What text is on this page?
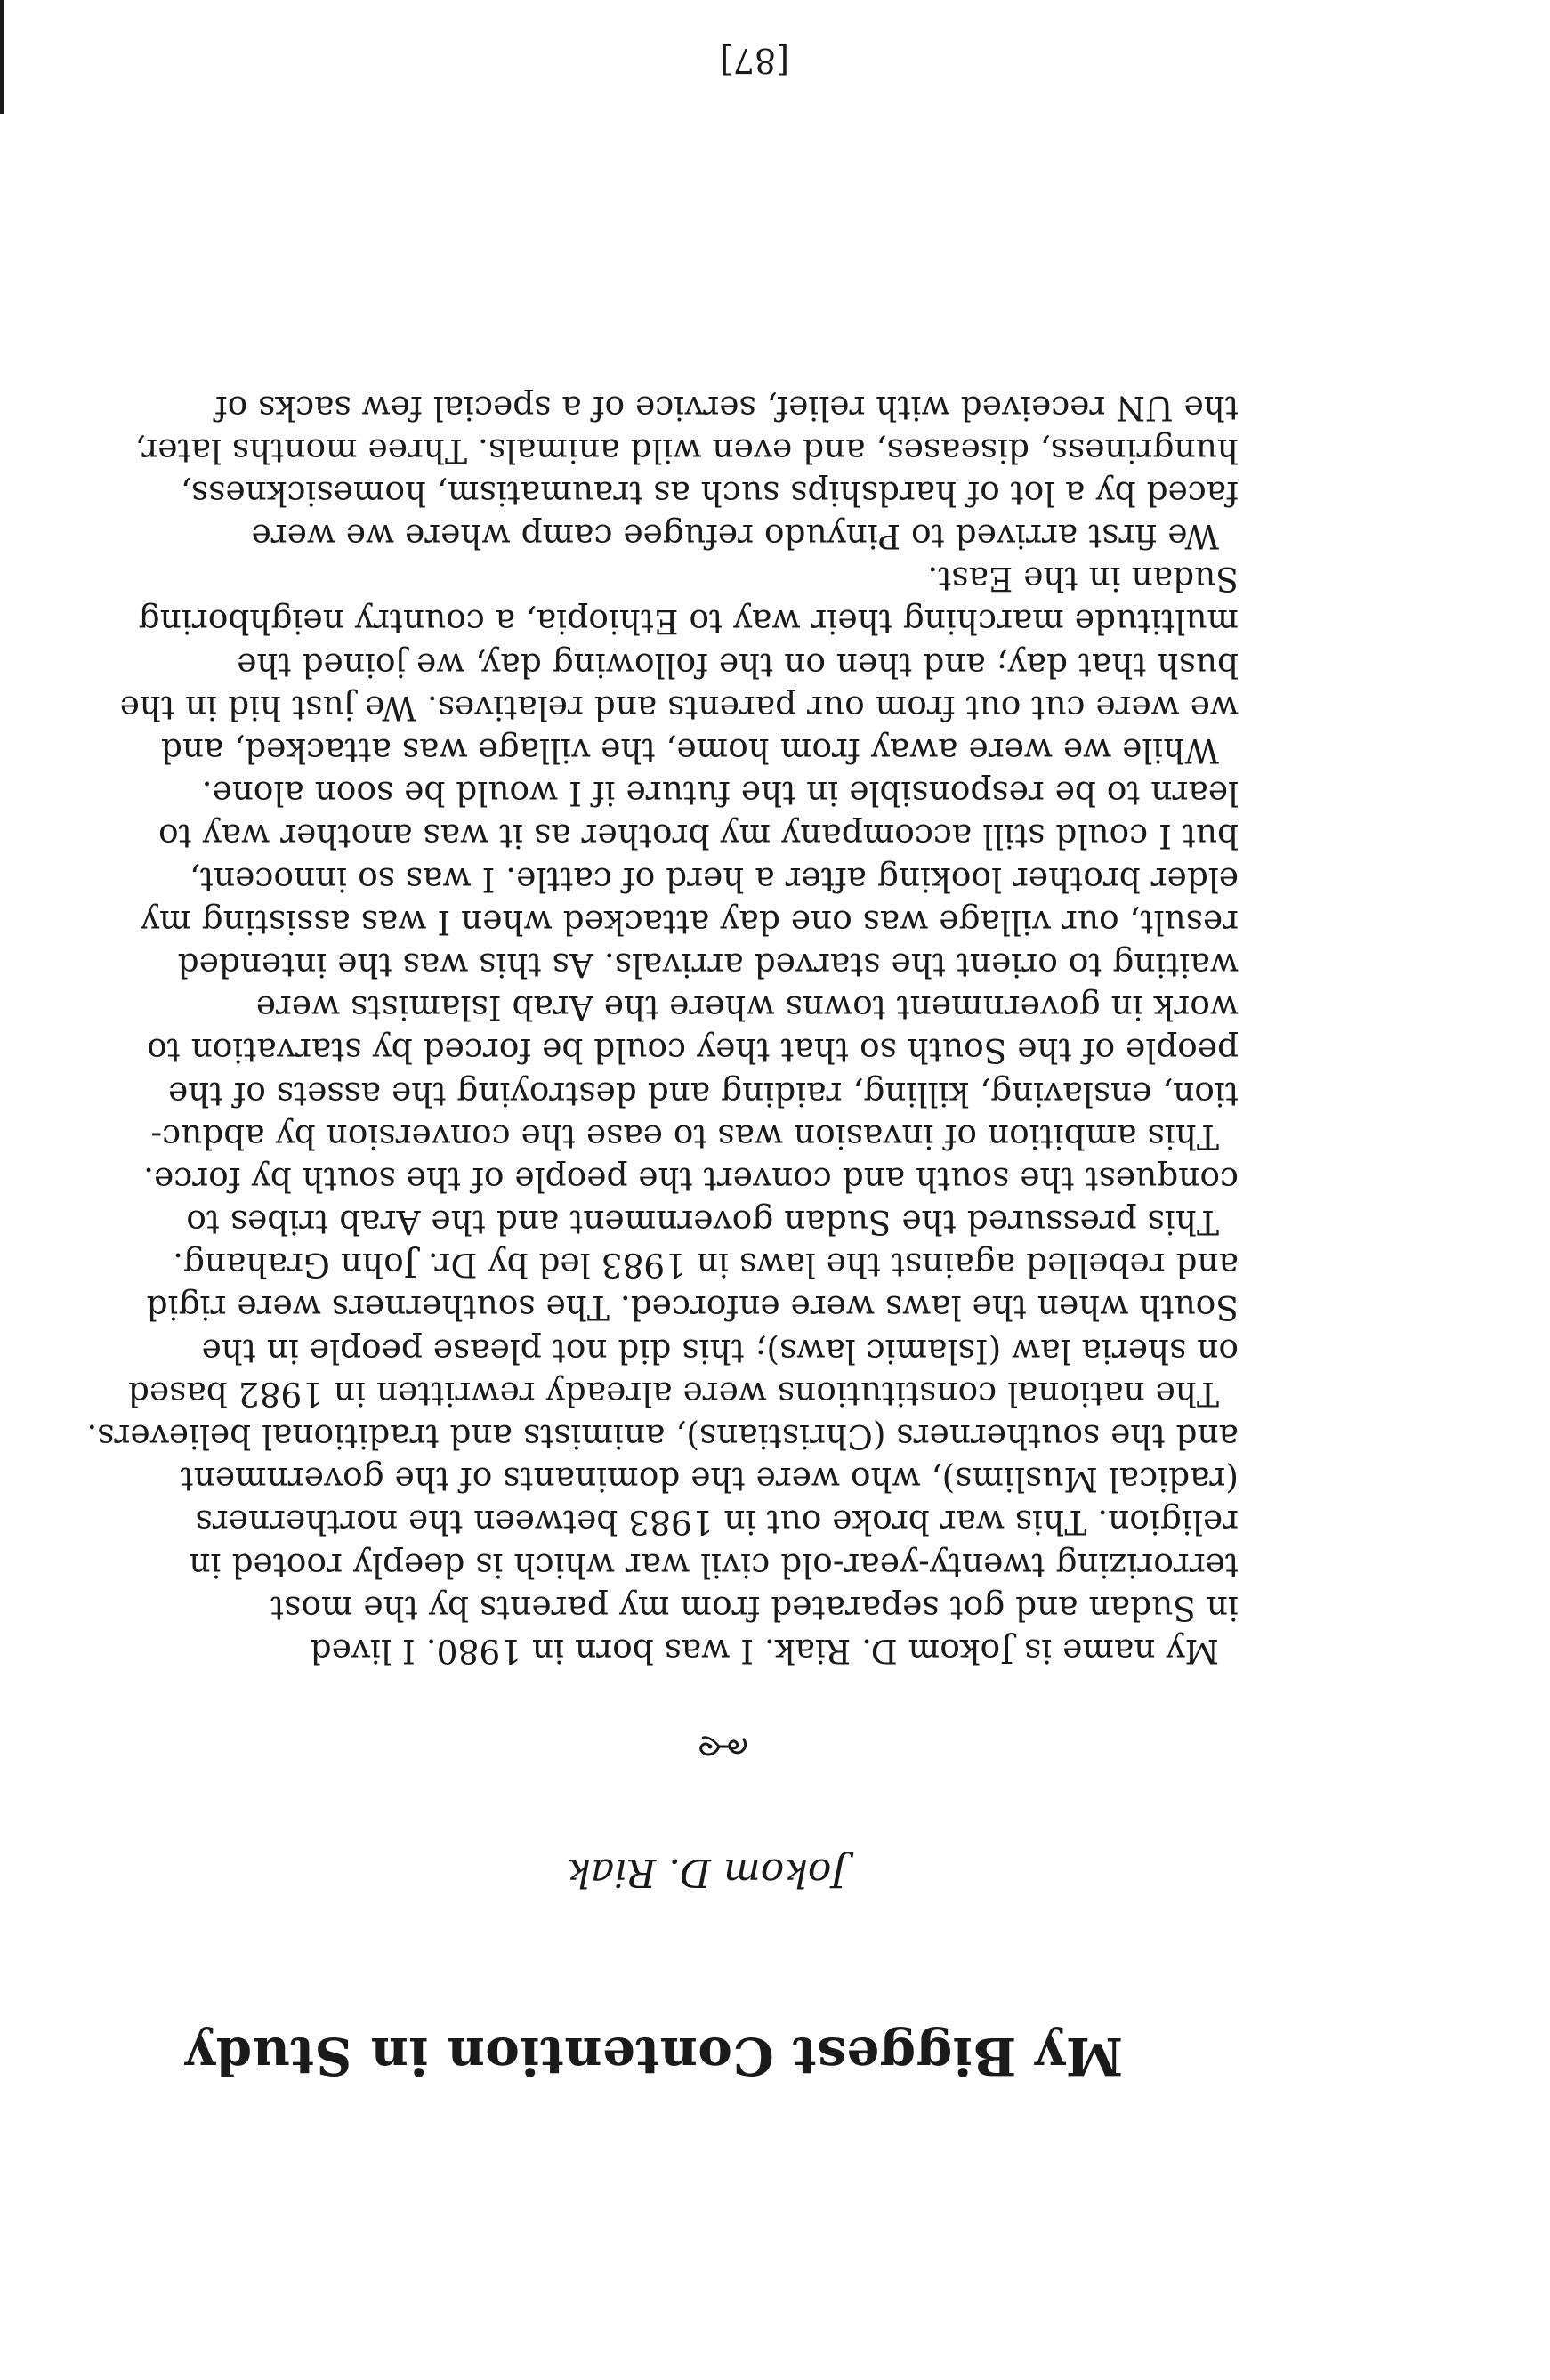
My Biggest Contention in Study

Jokom D. Riak

My name is Jokom D. Riak. I was born in 1980. I lived
in Sudan and got separated from my parents by the most
terrorizing twenty-year-old civil war which is deeply rooted in
religion. This war broke out in 1983 between the northerners
(radical Muslims), who were the dominants of the government
and the southerners (Christians), animists and traditional believers.
The national constitutions were already rewritten in 1982 based
on sheria law (Islamic laws); this did not please people in the
South when the laws were enforced. The southerners were rigid
and rebelled against the laws in 1983 led by Dr. John Grahang.
This pressured the Sudan government and the Arab tribes to
conquest the south and convert the people of the south by force.
This ambition of invasion was to ease the conversion by abduc-
tion, enslaving, killing, raiding and destroying the assets of the
people of the South so that they could be forced by starvation to
work in government towns where the Arab Islamists were
waiting to orient the starved arrivals. As this was the intended
result, our village was one day attacked when I was assisting my
elder brother looking after a herd of cattle. I was so innocent,
but I could still accompany my brother as it was another way to
learn to be responsible in the future if I would be soon alone.
While we were away from home, the village was attacked, and
we were cut out from our parents and relatives. We just hid in the
bush that day; and then on the following day, we joined the
multitude marching their way to Ethiopia, a country neighboring
Sudan in the East.
We first arrived to Pinyudo refugee camp where we were
faced by a lot of hardships such as traumatism, homesickness,
hungriness, diseases, and even wild animals. Three months later,
the UN received with relief, service of a special few sacks of

[87]
